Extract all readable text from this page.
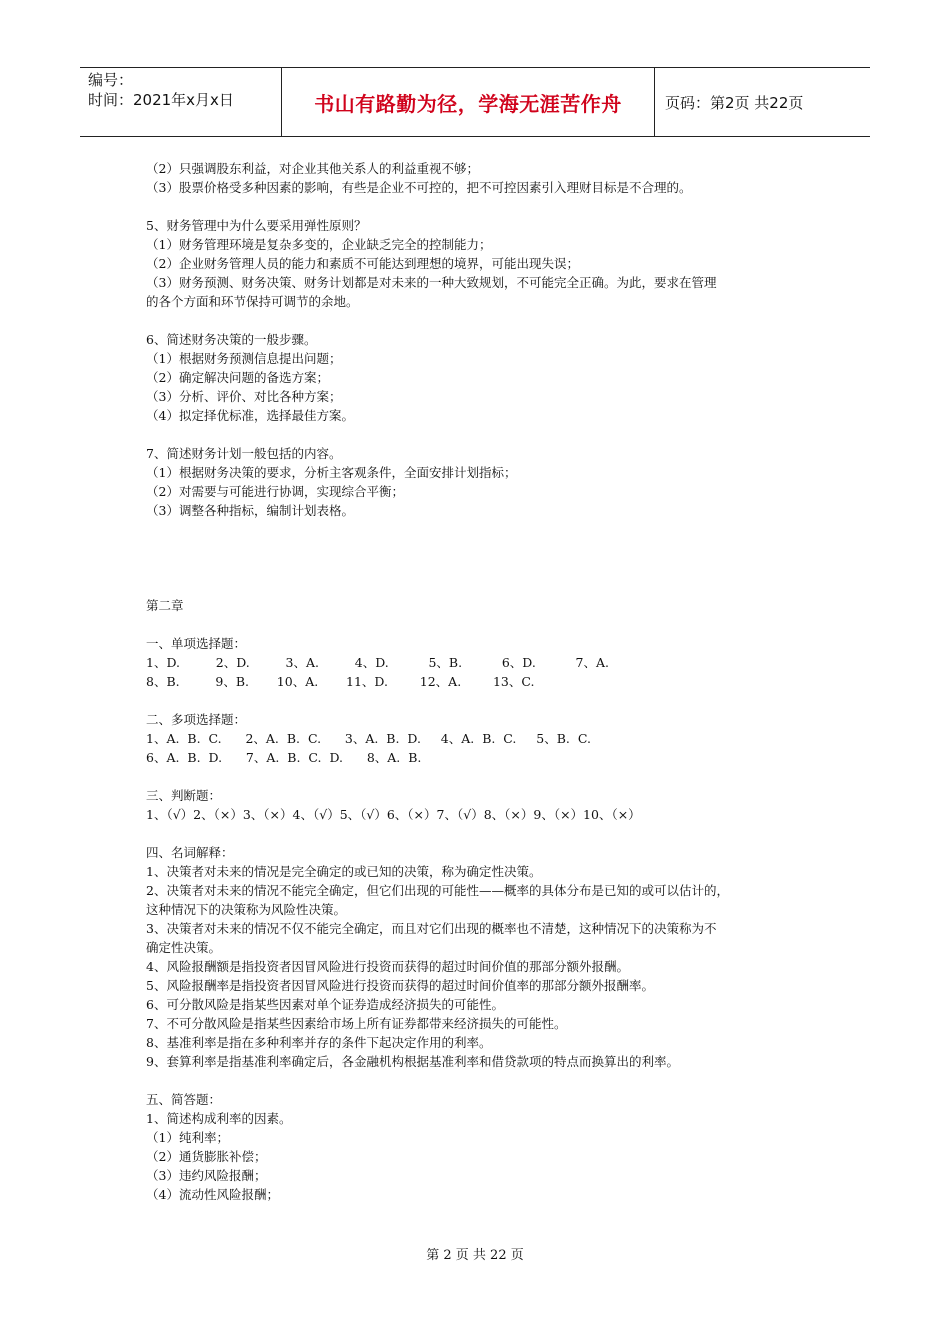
编号：
时间：2021年x月x日	书山有路勤为径，学海无涯苦作舟	页码：第2页 共22页
（2）只强调股东利益，对企业其他关系人的利益重视不够；
（3）股票价格受多种因素的影响，有些是企业不可控的，把不可控因素引入理财目标是不合理的。
5、财务管理中为什么要采用弹性原则？
（1）财务管理环境是复杂多变的，企业缺乏完全的控制能力；
（2）企业财务管理人员的能力和素质不可能达到理想的境界，可能出现失误；
（3）财务预测、财务决策、财务计划都是对未来的一种大致规划，不可能完全正确。为此，要求在管理
的各个方面和环节保持可调节的余地。
6、简述财务决策的一般步骤。
（1）根据财务预测信息提出问题；
（2）确定解决问题的备选方案；
（3）分析、评价、对比各种方案；
（4）拟定择优标准，选择最佳方案。
7、简述财务计划一般包括的内容。
（1）根据财务决策的要求，分析主客观条件，全面安排计划指标；
（2）对需要与可能进行协调，实现综合平衡；
（3）调整各种指标，编制计划表格。
第二章
一、单项选择题：
1、D.         2、D.         3、A.         4、D.          5、B.          6、D.          7、A.
8、B.         9、B.       10、A.       11、D.        12、A.        13、C.
二、多项选择题：
1、A.  B.  C.      2、A.  B.  C.      3、A.  B.  D.     4、A.  B.  C.     5、B.  C.
6、A.  B.  D.      7、A.  B.  C.  D.      8、A.  B.
三、判断题：
1、（√）2、（×）3、（×）4、（√）5、（√）6、（×）7、（√）8、（×）9、（×）10、（×）
四、名词解释：
1、决策者对未来的情况是完全确定的或已知的决策，称为确定性决策。
2、决策者对未来的情况不能完全确定，但它们出现的可能性——概率的具体分布是已知的或可以估计的，
这种情况下的决策称为风险性决策。
3、决策者对未来的情况不仅不能完全确定，而且对它们出现的概率也不清楚，这种情况下的决策称为不
确定性决策。
4、风险报酬额是指投资者因冒风险进行投资而获得的超过时间价值的那部分额外报酬。
5、风险报酬率是指投资者因冒风险进行投资而获得的超过时间价值率的那部分额外报酬率。
6、可分散风险是指某些因素对单个证券造成经济损失的可能性。
7、不可分散风险是指某些因素给市场上所有证券都带来经济损失的可能性。
8、基准利率是指在多种利率并存的条件下起决定作用的利率。
9、套算利率是指基准利率确定后，各金融机构根据基准利率和借贷款项的特点而换算出的利率。
五、简答题：
1、简述构成利率的因素。
（1）纯利率；
（2）通货膨胀补偿；
（3）违约风险报酬；
（4）流动性风险报酬；
第 2 页 共 22 页
